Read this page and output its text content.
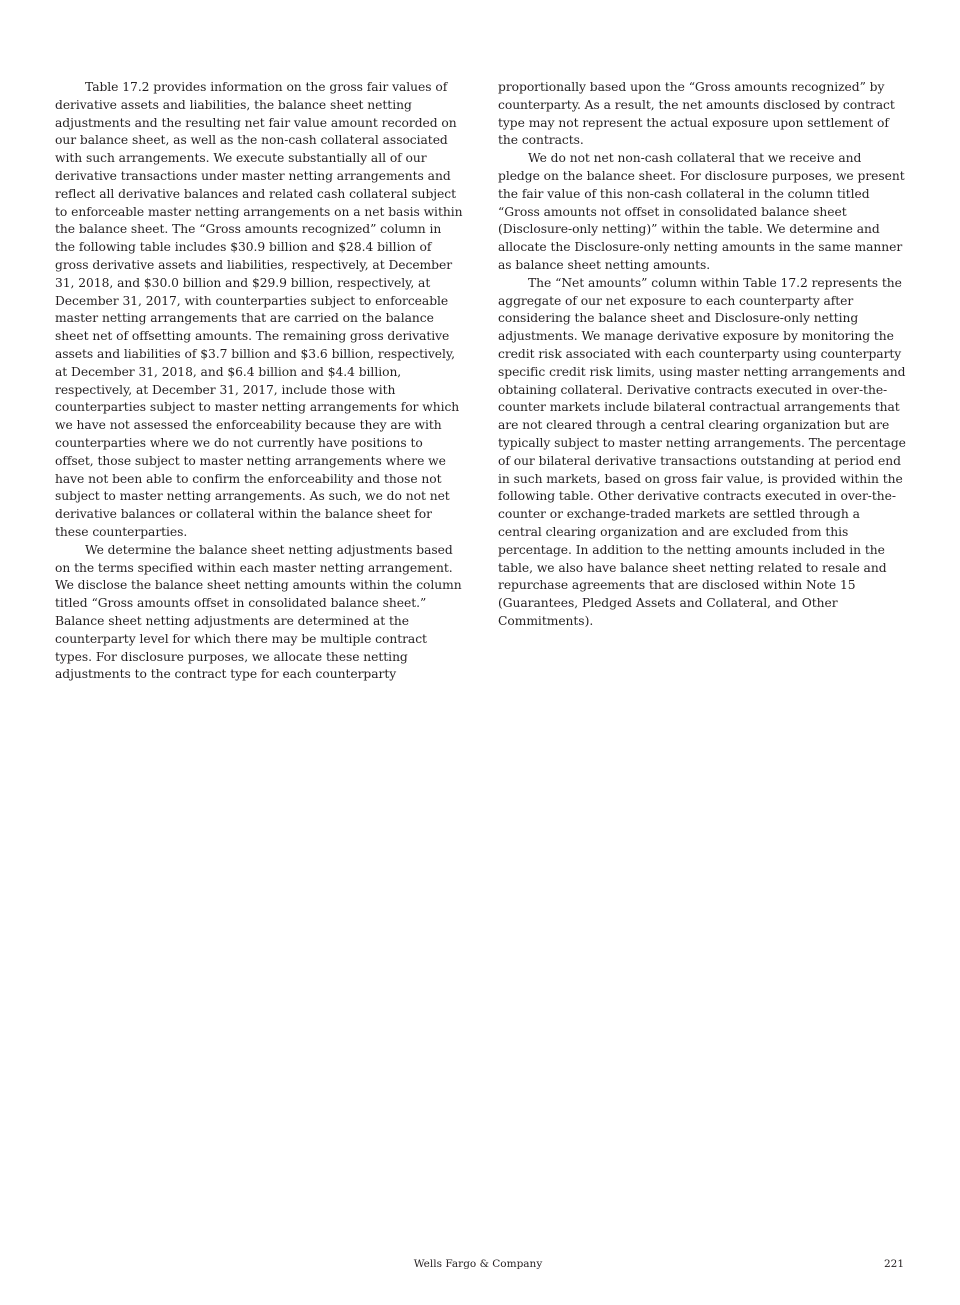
Table 17.2 provides information on the gross fair values of derivative assets and liabilities, the balance sheet netting adjustments and the resulting net fair value amount recorded on our balance sheet, as well as the non-cash collateral associated with such arrangements. We execute substantially all of our derivative transactions under master netting arrangements and reflect all derivative balances and related cash collateral subject to enforceable master netting arrangements on a net basis within the balance sheet. The “Gross amounts recognized” column in the following table includes $30.9 billion and $28.4 billion of gross derivative assets and liabilities, respectively, at December 31, 2018, and $30.0 billion and $29.9 billion, respectively, at December 31, 2017, with counterparties subject to enforceable master netting arrangements that are carried on the balance sheet net of offsetting amounts. The remaining gross derivative assets and liabilities of $3.7 billion and $3.6 billion, respectively, at December 31, 2018, and $6.4 billion and $4.4 billion, respectively, at December 31, 2017, include those with counterparties subject to master netting arrangements for which we have not assessed the enforceability because they are with counterparties where we do not currently have positions to offset, those subject to master netting arrangements where we have not been able to confirm the enforceability and those not subject to master netting arrangements. As such, we do not net derivative balances or collateral within the balance sheet for these counterparties.

We determine the balance sheet netting adjustments based on the terms specified within each master netting arrangement. We disclose the balance sheet netting amounts within the column titled “Gross amounts offset in consolidated balance sheet.” Balance sheet netting adjustments are determined at the counterparty level for which there may be multiple contract types. For disclosure purposes, we allocate these netting adjustments to the contract type for each counterparty

proportionally based upon the “Gross amounts recognized” by counterparty. As a result, the net amounts disclosed by contract type may not represent the actual exposure upon settlement of the contracts.

We do not net non-cash collateral that we receive and pledge on the balance sheet. For disclosure purposes, we present the fair value of this non-cash collateral in the column titled “Gross amounts not offset in consolidated balance sheet (Disclosure-only netting)” within the table. We determine and allocate the Disclosure-only netting amounts in the same manner as balance sheet netting amounts.

The “Net amounts” column within Table 17.2 represents the aggregate of our net exposure to each counterparty after considering the balance sheet and Disclosure-only netting adjustments. We manage derivative exposure by monitoring the credit risk associated with each counterparty using counterparty specific credit risk limits, using master netting arrangements and obtaining collateral. Derivative contracts executed in over-the-counter markets include bilateral contractual arrangements that are not cleared through a central clearing organization but are typically subject to master netting arrangements. The percentage of our bilateral derivative transactions outstanding at period end in such markets, based on gross fair value, is provided within the following table. Other derivative contracts executed in over-the-counter or exchange-traded markets are settled through a central clearing organization and are excluded from this percentage. In addition to the netting amounts included in the table, we also have balance sheet netting related to resale and repurchase agreements that are disclosed within Note 15 (Guarantees, Pledged Assets and Collateral, and Other Commitments).

Wells Fargo & Company	221
